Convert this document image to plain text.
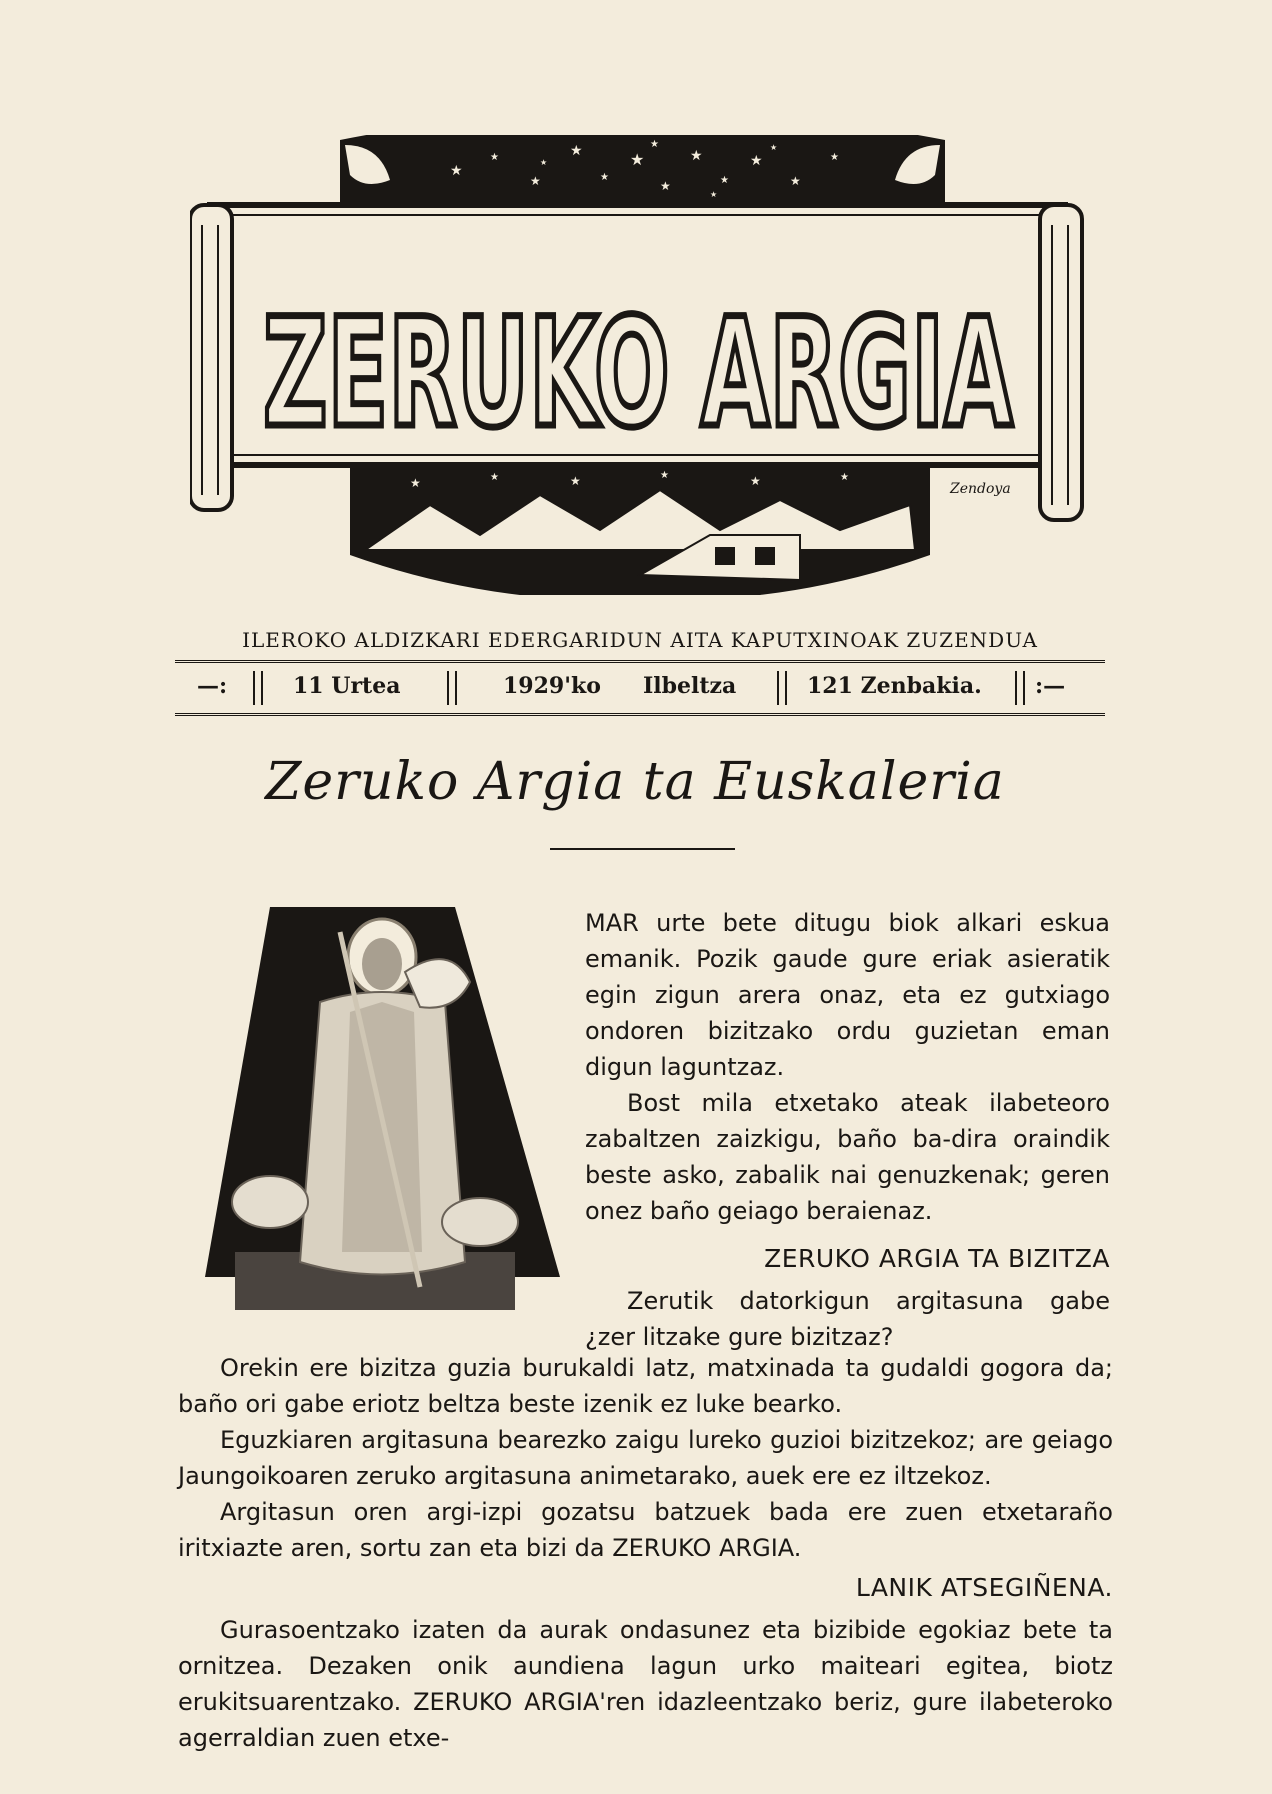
★
★
★
★
★
★
★
★
★
★
★
★
★
★
★
★
ZERUKO ARGIA
★	★	★	★	★	★
Zendoya
ILEROKO ALDIZKARI EDERGARIDUN AITA KAPUTXINOAK ZUZENDUA
—:	11 Urtea	1929'ko Ilbeltza	121 Zenbakia. :—
Zeruko Argia ta Euskaleria

MAR urte bete ditugu biok alkari eskua emanik. Pozik gaude gure eriak asieratik egin zigun arera onaz, eta ez gutxiago ondoren bizitzako ordu guzietan eman digun laguntzaz.

Bost mila etxetako ateak ilabeteoro zabaltzen zaizkigu, baño ba-dira oraindik beste asko, zabalik nai genuzkenak; geren onez baño geiago beraienaz.

ZERUKO ARGIA TA BIZITZA

Zerutik datorkigun argitasuna gabe ¿zer litzake gure bizitzaz?

Orekin ere bizitza guzia burukaldi latz, matxinada ta gudaldi gogora da; baño ori gabe eriotz beltza beste izenik ez luke bearko.

Eguzkiaren argitasuna bearezko zaigu lureko guzioi bizitzekoz; are geiago Jaungoikoaren zeruko argitasuna animetarako, auek ere ez iltzekoz.

Argitasun oren argi-izpi gozatsu batzuek bada ere zuen etxetaraño iritxiazte aren, sortu zan eta bizi da ZERUKO ARGIA.

LANIK ATSEGIÑENA.

Gurasoentzako izaten da aurak ondasunez eta bizibide egokiaz bete ta ornitzea. Dezaken onik aundiena lagun urko maiteari egitea, biotz erukitsuarentzako. ZERUKO ARGIA'ren idazleentzako beriz, gure ilabeteroko agerraldian zuen etxe-
